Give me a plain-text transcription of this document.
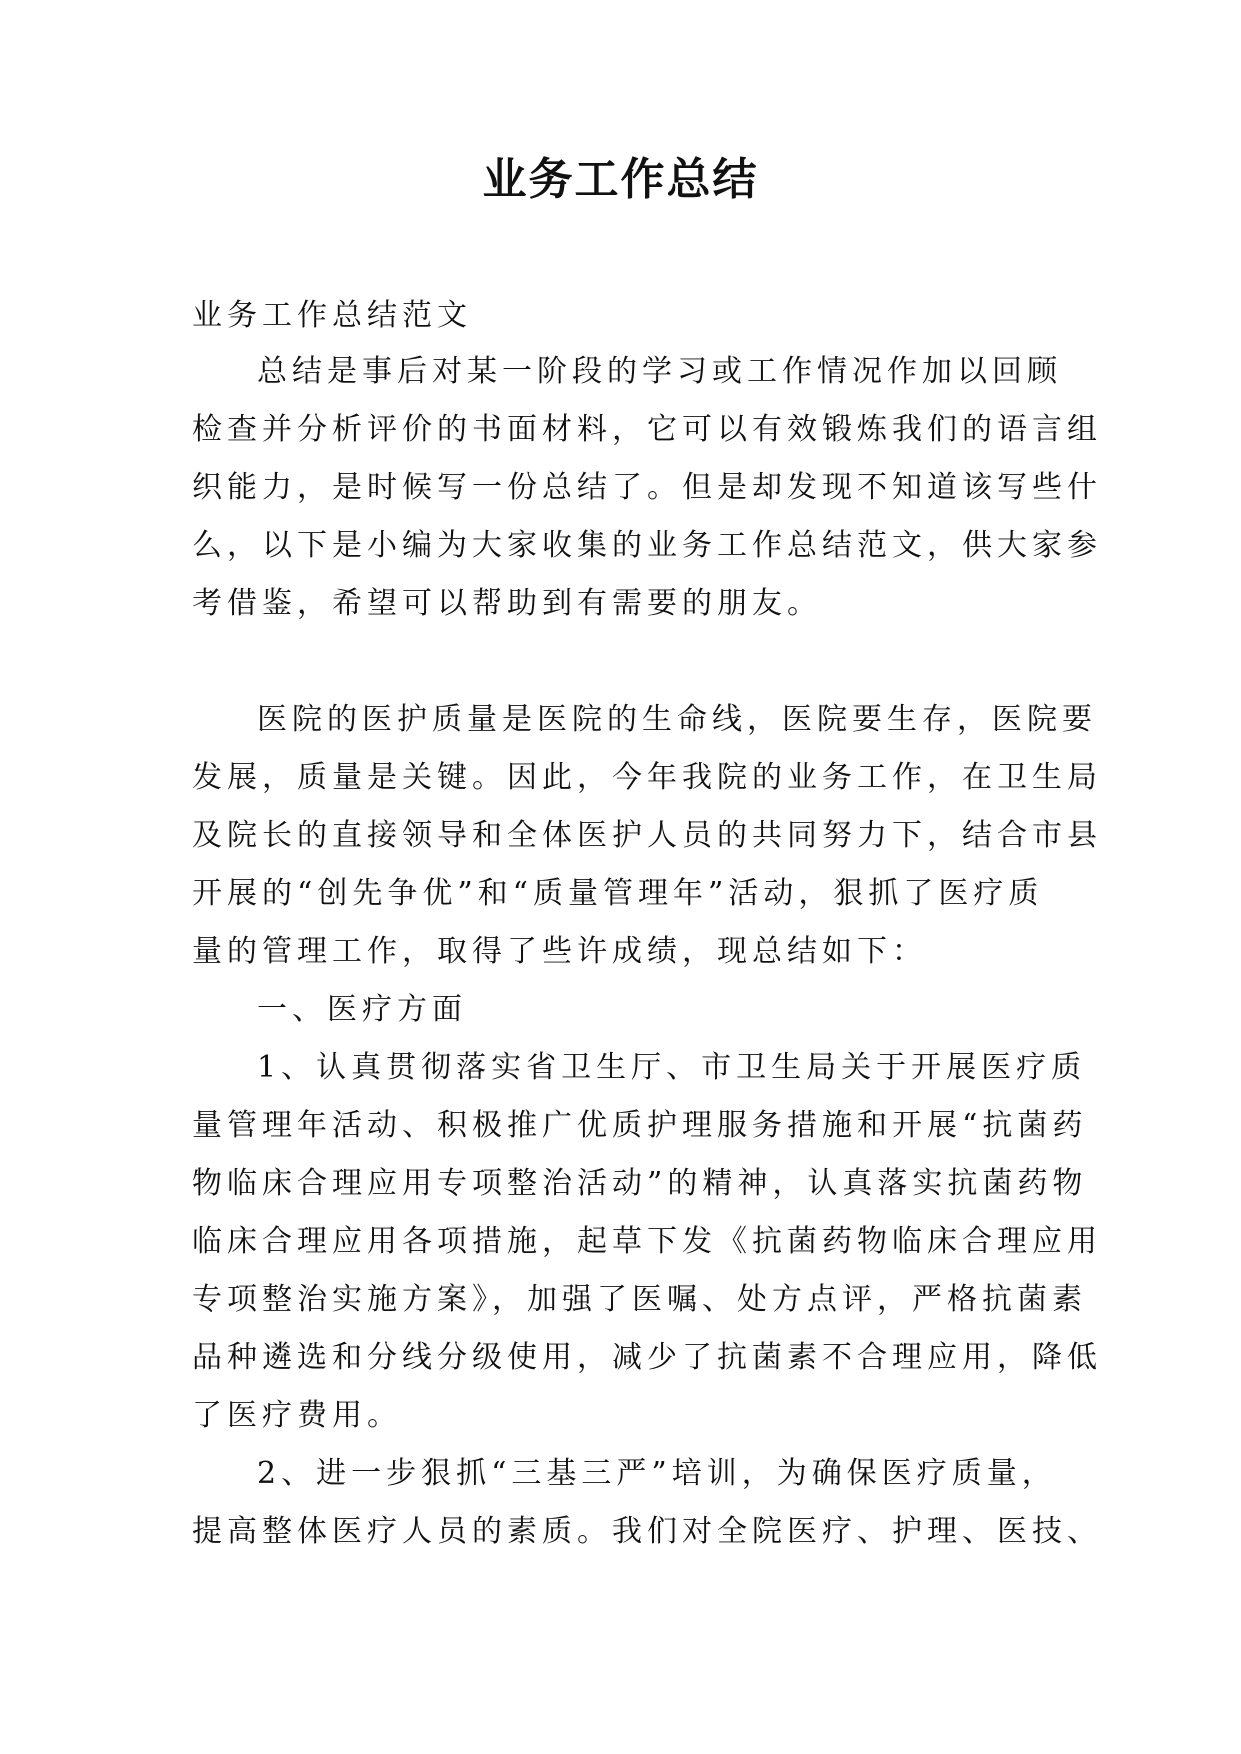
业务工作总结
业务工作总结范文
总结是事后对某一阶段的学习或工作情况作加以回顾
检查并分析评价的书面材料，它可以有效锻炼我们的语言组
织能力，是时候写一份总结了。但是却发现不知道该写些什
么，以下是小编为大家收集的业务工作总结范文，供大家参
考借鉴，希望可以帮助到有需要的朋友。
医院的医护质量是医院的生命线，医院要生存，医院要
发展，质量是关键。因此，今年我院的业务工作，在卫生局
及院长的直接领导和全体医护人员的共同努力下，结合市县
开展的“创先争优”和“质量管理年”活动，狠抓了医疗质
量的管理工作，取得了些许成绩，现总结如下：
一、医疗方面
1、认真贯彻落实省卫生厅、市卫生局关于开展医疗质
量管理年活动、积极推广优质护理服务措施和开展“抗菌药
物临床合理应用专项整治活动”的精神，认真落实抗菌药物
临床合理应用各项措施，起草下发《抗菌药物临床合理应用
专项整治实施方案》，加强了医嘱、处方点评，严格抗菌素
品种遴选和分线分级使用，减少了抗菌素不合理应用，降低
了医疗费用。
2、进一步狠抓“三基三严”培训，为确保医疗质量，
提高整体医疗人员的素质。我们对全院医疗、护理、医技、
